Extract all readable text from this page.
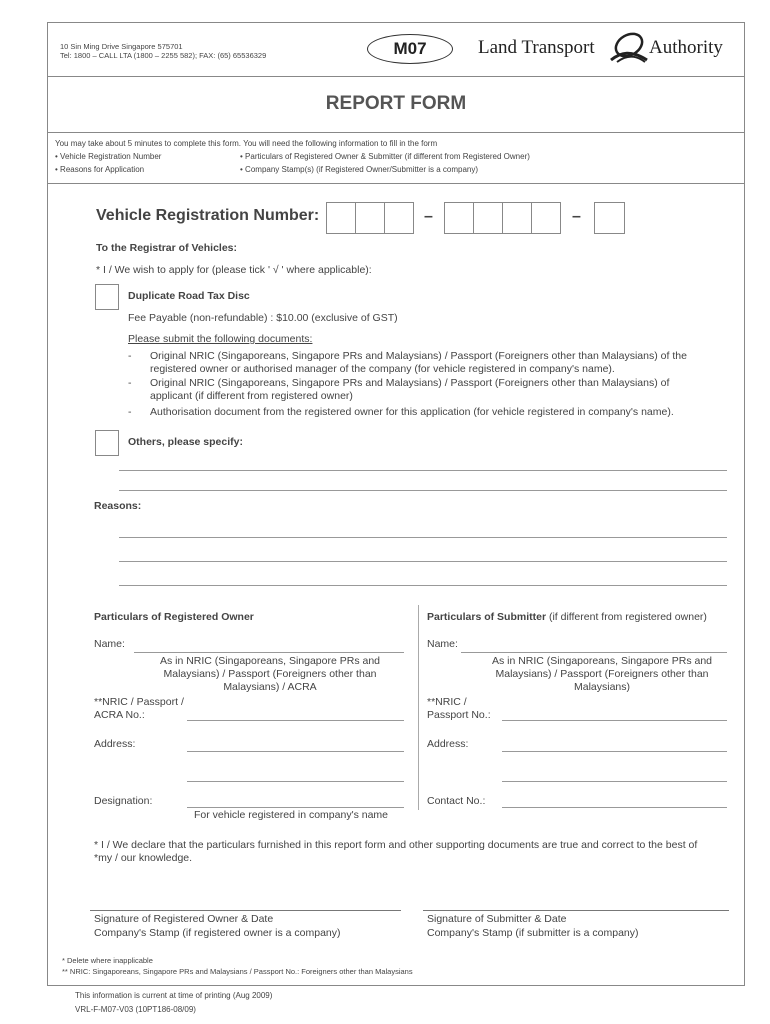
10 Sin Ming Drive Singapore 575701
Tel: 1800 – CALL LTA (1800 – 2255 582); FAX: (65) 65536329	M07	Land Transport	Authority
REPORT FORM
You may take about 5 minutes to complete this form. You will need the following information to fill in the form
• Vehicle Registration Number
• Reasons for Application
• Particulars of Registered Owner & Submitter (if different from Registered Owner)
• Company Stamp(s) (if Registered Owner/Submitter is a company)
Vehicle Registration Number:	–	–
To the Registrar of Vehicles:
* I / We wish to apply for (please tick ' √ ' where applicable):
Duplicate Road Tax Disc
Fee Payable (non-refundable) : $10.00 (exclusive of GST)
Please submit the following documents:
- Original NRIC (Singaporeans, Singapore PRs and Malaysians) / Passport (Foreigners other than Malaysians) of the registered owner or authorised manager of the company (for vehicle registered in company's name).
- Original NRIC (Singaporeans, Singapore PRs and Malaysians) / Passport (Foreigners other than Malaysians) of applicant (if different from registered owner)
- Authorisation document from the registered owner for this application (for vehicle registered in company's name).
Others, please specify:
Reasons:
Particulars of Registered Owner
Name:
As in NRIC (Singaporeans, Singapore PRs and Malaysians) / Passport (Foreigners other than Malaysians) / ACRA
**NRIC / Passport /
ACRA No.:
Address:
Designation:
For vehicle registered in company's name
Particulars of Submitter (if different from registered owner)
Name:
As in NRIC (Singaporeans, Singapore PRs and Malaysians) / Passport (Foreigners other than Malaysians)
**NRIC /
Passport No.:
Address:
Contact No.:
* I / We declare that the particulars furnished in this report form and other supporting documents are true and correct to the best of *my / our knowledge.
Signature of Registered Owner & Date
Company's Stamp (if registered owner is a company)
Signature of Submitter & Date
Company's Stamp (if submitter is a company)
* Delete where inapplicable
** NRIC: Singaporeans, Singapore PRs and Malaysians / Passport No.: Foreigners other than Malaysians
This information is current at time of printing (Aug 2009)
VRL-F-M07-V03 (10PT186-08/09)
